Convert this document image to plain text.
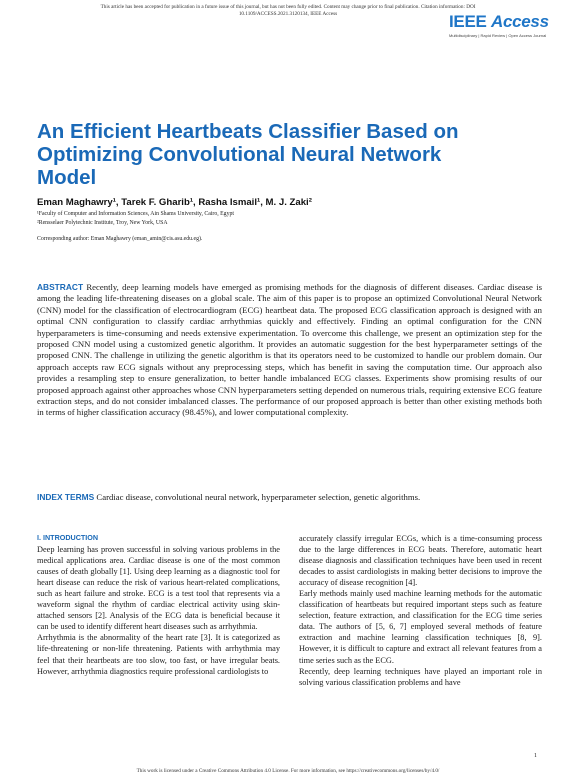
This article has been accepted for publication in a future issue of this journal, but has not been fully edited. Content may change prior to final publication. Citation information: DOI
10.1109/ACCESS.2021.3120134, IEEE Access	IEEE Access
Multidisciplinary | Rapid Review | Open Access Journal
An Efficient Heartbeats Classifier Based on Optimizing Convolutional Neural Network Model
Eman Maghawry¹, Tarek F. Gharib¹, Rasha Ismail¹, M. J. Zaki²
¹Faculty of Computer and Information Sciences, Ain Shams University, Cairo, Egypt
²Rensselaer Polytechnic Institute, Troy, New York, USA
Corresponding author: Eman Maghawry (eman_amin@cis.asu.edu.eg).

ABSTRACT Recently, deep learning models have emerged as promising methods for the diagnosis of different diseases. Cardiac disease is among the leading life-threatening diseases on a global scale. The aim of this paper is to propose an optimized Convolutional Neural Network (CNN) model for the classification of electrocardiogram (ECG) heartbeat data. The proposed ECG classification approach is designed with an optimal CNN configuration to classify cardiac arrhythmias quickly and effectively. Finding an optimal configuration for the CNN hyperparameters is time-consuming and needs extensive experimentation. To overcome this challenge, we present an optimization step for the proposed CNN model using a customized genetic algorithm. It provides an automatic suggestion for the best hyperparameter settings of the proposed CNN. The challenge in utilizing the genetic algorithm is that its operators need to be customized to handle our problem domain. Our approach accepts raw ECG signals without any preprocessing steps, which has benefit in saving the computation time. Our approach also provides a resampling step to ensure generalization, to better handle imbalanced ECG classes. Experiments show promising results of our proposed approach against other approaches whose CNN hyperparameters setting depended on numerous trials, requiring extensive ECG feature extraction steps, and do not consider imbalanced classes. The performance of our proposed approach is better than other existing methods both in terms of higher classification accuracy (98.45%), and lower computational complexity.

INDEX TERMS Cardiac disease, convolutional neural network, hyperparameter selection, genetic algorithms.

I. INTRODUCTION

Deep learning has proven successful in solving various problems in the medical applications area. Cardiac disease is one of the most common causes of death globally [1]. Using deep learning as a diagnostic tool for heart disease can reduce the risk of various heart-related complications, such as heart failure and stroke. ECG is a test tool that represents via a waveform signal the rhythm of cardiac electrical activity using skin-attached sensors [2]. Analysis of the ECG data is beneficial because it can be used to identify different heart diseases such as arrhythmia.

Arrhythmia is the abnormality of the heart rate [3]. It is categorized as life-threatening or non-life threatening. Patients with arrhythmia may feel that their heartbeats are too slow, too fast, or have irregular beats. However, arrhythmia diagnostics require professional cardiologists to

accurately classify irregular ECGs, which is a time-consuming process due to the large differences in ECG beats. Therefore, automatic heart disease diagnosis and classification techniques have been used in recent decades to assist cardiologists in making better decisions to improve the accuracy of disease recognition [4].

Early methods mainly used machine learning methods for the automatic classification of heartbeats but required important steps such as feature selection, feature extraction, and classification for the ECG time series data. The authors of [5, 6, 7] employed several methods of feature extraction and machine learning classification techniques [8, 9]. However, it is difficult to capture and extract all relevant features from a time series such as the ECG.

Recently, deep learning techniques have played an important role in solving various classification problems and have

1
This work is licensed under a Creative Commons Attribution 4.0 License. For more information, see https://creativecommons.org/licenses/by/4.0/
